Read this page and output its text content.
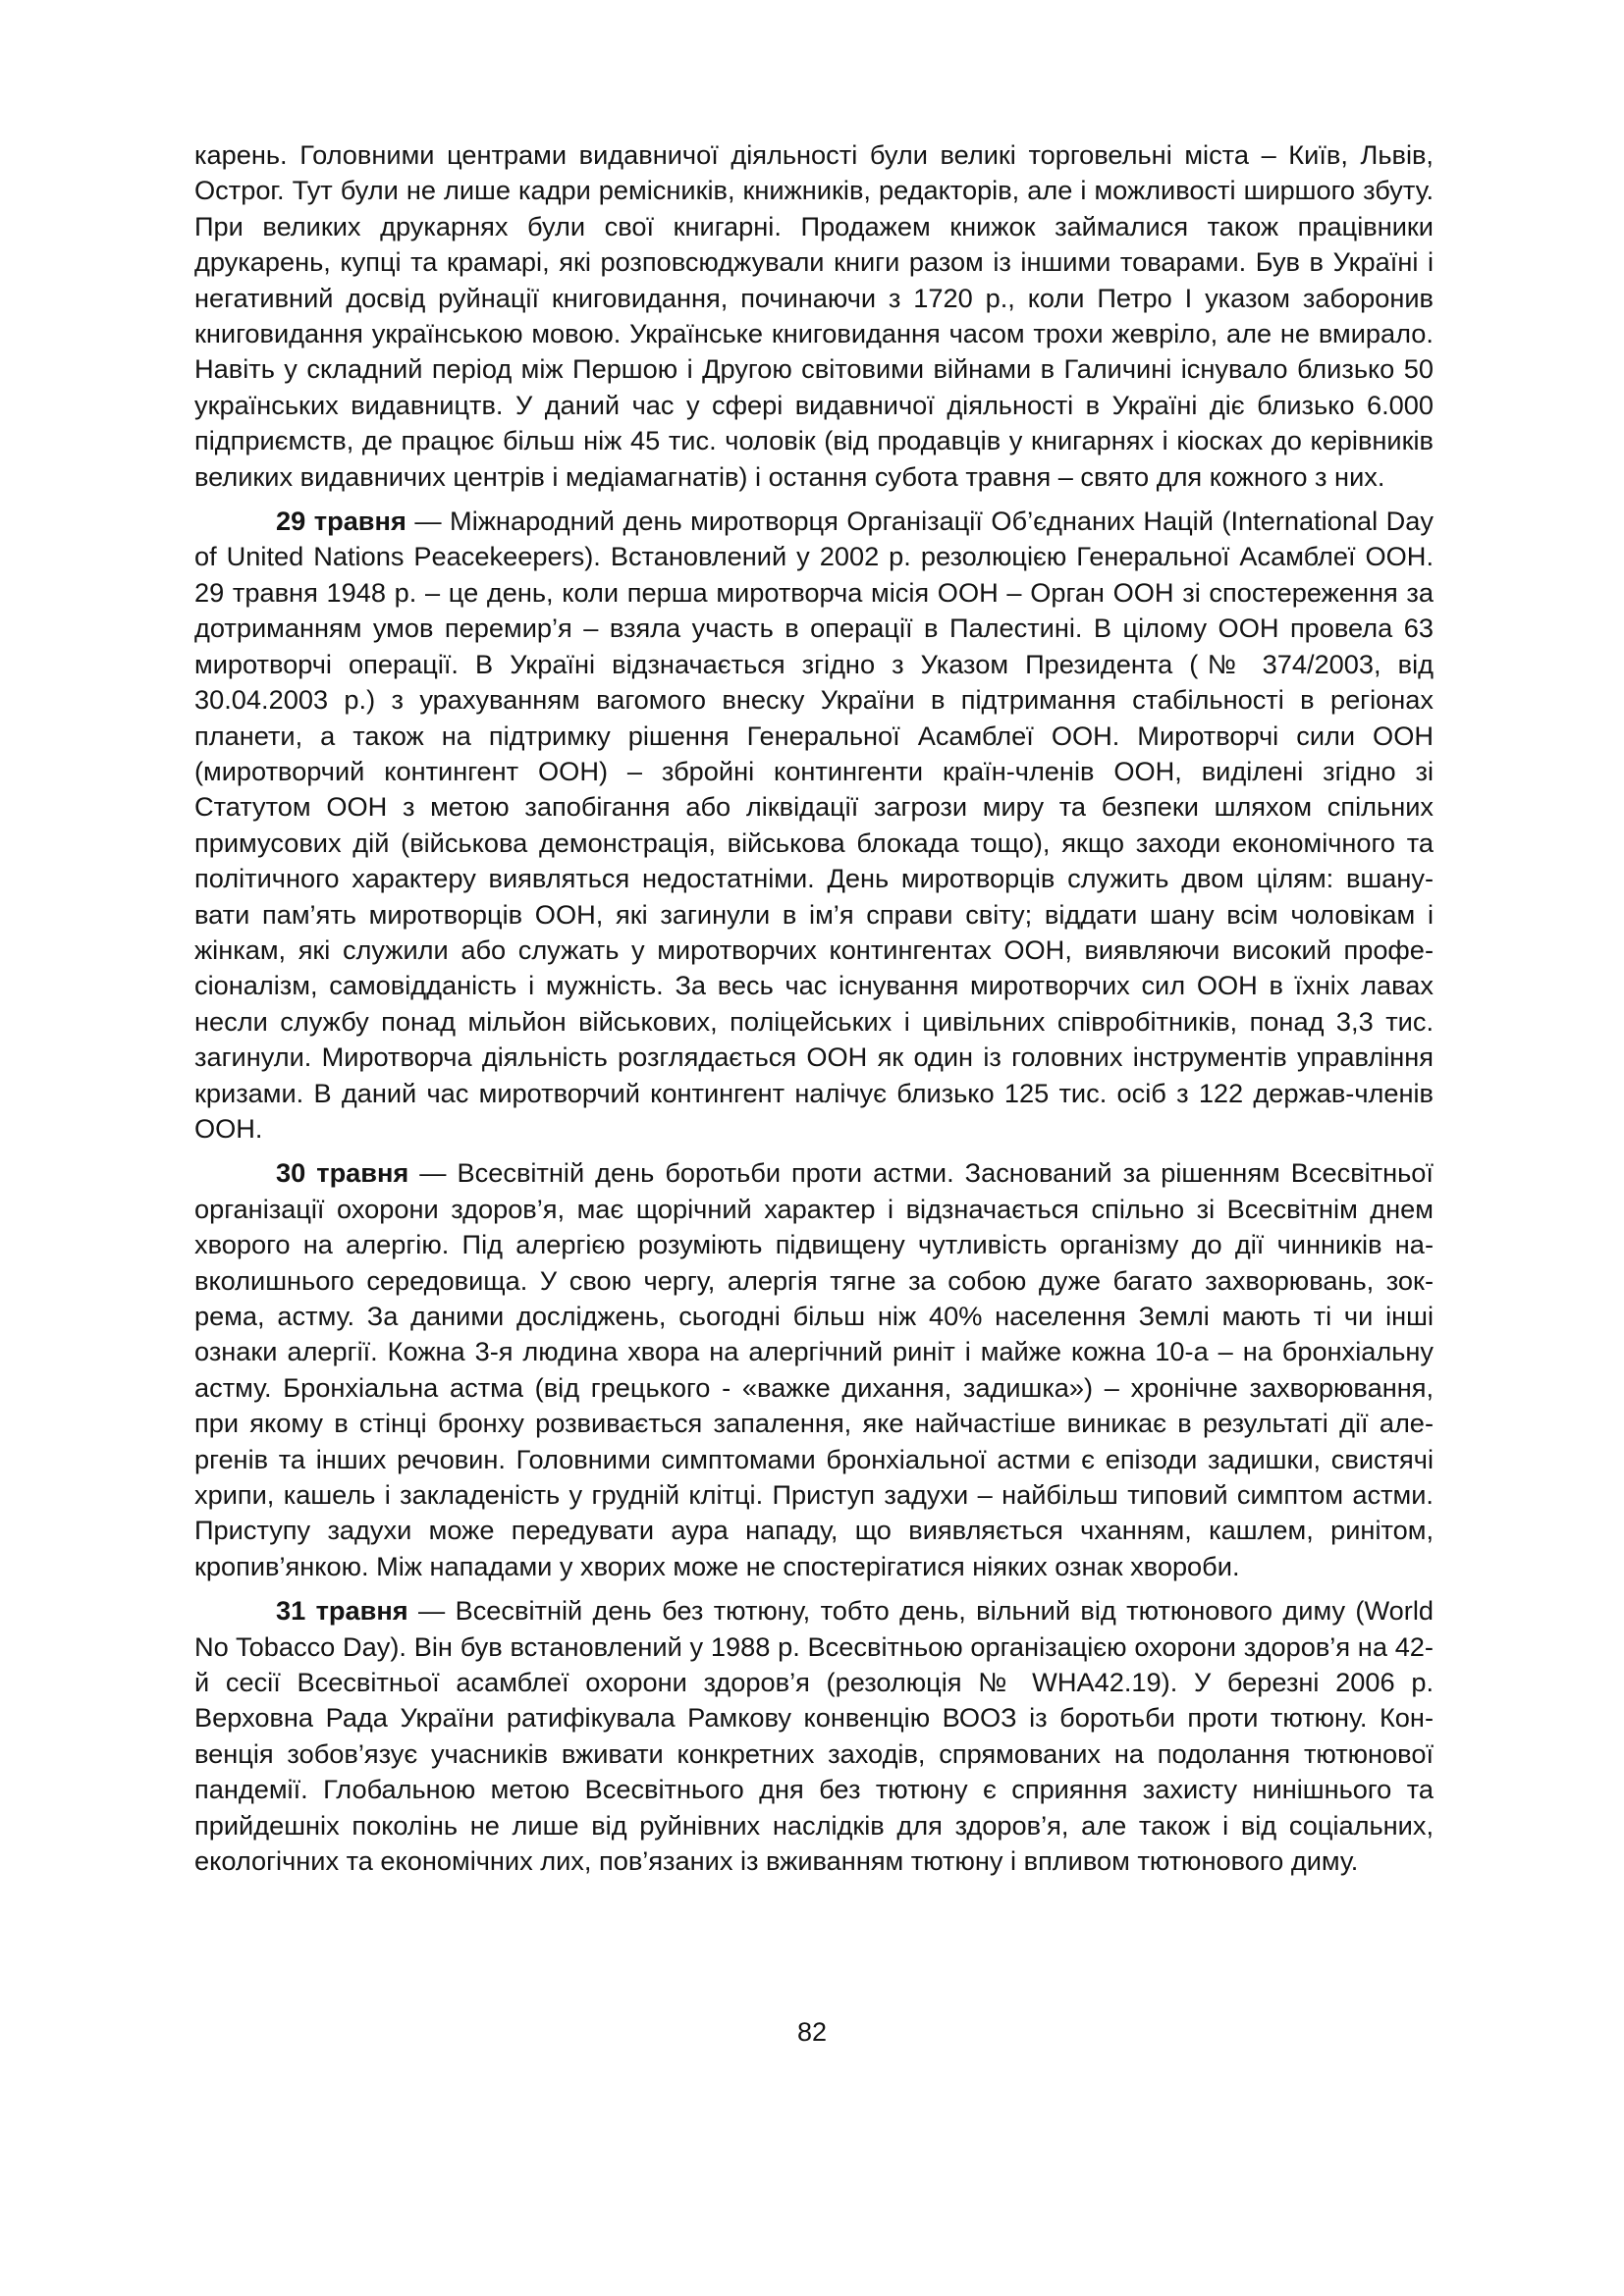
карень. Головними центрами видавничої діяльності були великі торговельні міста – Київ, Львів, Острог. Тут були не лише кадри ремісників, книжників, редакторів, але і можливості ширшого збуту. При великих друкарнях були свої книгарні. Продажем книжок займалися також працівники друкарень, купці та крамарі, які розповсюджували книги разом із іншими товарами. Був в Україні і негативний досвід руйнації книговидання, починаючи з 1720 р., коли Петро I указом заборонив книговидання українською мовою. Українське книговидання часом трохи жевріло, але не вмирало. Навіть у складний період між Першою і Другою світовими війнами в Галичині існувало близько 50 українських видавництв. У даний час у сфері видавничої діяльності в Україні діє близько 6.000 підприємств, де працює більш ніж 45 тис. чоловік (від продавців у книгарнях і кіосках до керівників великих видавничих центрів і медіамагнатів) і остання субота травня – свято для кожного з них.

29 травня — Міжнародний день миротворця Організації Об’єднаних Націй (International Day of United Nations Peacekeepers). Встановлений у 2002 р. резолюцією Генеральної Асамблеї ООН. 29 травня 1948 р. – це день, коли перша миротворча місія ООН – Орган ООН зі спостереження за дотриманням умов перемир’я – взяла участь в операції в Палестині. В цілому ООН провела 63 миротворчі операції. В Україні відзначається згідно з Указом Президента (№ 374/2003, від 30.04.2003 р.) з урахуванням вагомого внеску України в підтримання стабільності в регіонах планети, а також на підтримку рішення Генеральної Асамблеї ООН. Миротворчі сили ООН (миротворчий контингент ООН) – збройні контингенти країн-членів ООН, виділені згідно зі Статутом ООН з метою запобігання або ліквідації загрози миру та безпеки шляхом спільних примусових дій (військова демонстрація, військова блокада тощо), якщо заходи економічного та політичного характеру виявляться недостатніми. День миротворців служить двом цілям: вшанувати пам’ять миротворців ООН, які загинули в ім’я справи світу; віддати шану всім чоловікам і жінкам, які служили або служать у миротворчих контингентах ООН, виявляючи високий професіоналізм, самовідданість і мужність. За весь час існування миротворчих сил ООН в їхніх лавах несли службу понад мільйон військових, поліцейських і цивільних співробітників, понад 3,3 тис. загинули. Миротворча діяльність розглядається ООН як один із головних інструментів управління кризами. В даний час миротворчий контингент налічує близько 125 тис. осіб з 122 держав-членів ООН.

30 травня — Всесвітній день боротьби проти астми. Заснований за рішенням Всесвітньої організації охорони здоров’я, має щорічний характер і відзначається спільно зі Всесвітнім днем хворого на алергію. Під алергією розуміють підвищену чутливість організму до дії чинників навколишнього середовища. У свою чергу, алергія тягне за собою дуже багато захворювань, зокрема, астму. За даними досліджень, сьогодні більш ніж 40% населення Землі мають ті чи інші ознаки алергії. Кожна 3-я людина хвора на алергічний риніт і майже кожна 10-а – на бронхіальну астму. Бронхіальна астма (від грецького - «важке дихання, задишка») – хронічне захворювання, при якому в стінці бронху розвивається запалення, яке найчастіше виникає в результаті дії алергенів та інших речовин. Головними симптомами бронхіальної астми є епізоди задишки, свистячі хрипи, кашель і закладеність у грудній клітці. Приступ задухи – найбільш типовий симптом астми. Приступу задухи може передувати аура нападу, що виявляється чханням, кашлем, ринітом, кропив’янкою. Між нападами у хворих може не спостерігатися ніяких ознак хвороби.

31 травня — Всесвітній день без тютюну, тобто день, вільний від тютюнового диму (World No Tobacco Day). Він був встановлений у 1988 р. Всесвітньою організацією охорони здоров’я на 42-й сесії Всесвітньої асамблеї охорони здоров’я (резолюція № WHA42.19). У березні 2006 р. Верховна Рада України ратифікувала Рамкову конвенцію ВООЗ із боротьби проти тютюну. Конвенція зобов’язує учасників вживати конкретних заходів, спрямованих на подолання тютюнової пандемії. Глобальною метою Всесвітнього дня без тютюну є сприяння захисту нинішнього та прийдешніх поколінь не лише від руйнівних наслідків для здоров’я, але також і від соціальних, екологічних та економічних лих, пов’язаних із вживанням тютюну і впливом тютюнового диму.

82
